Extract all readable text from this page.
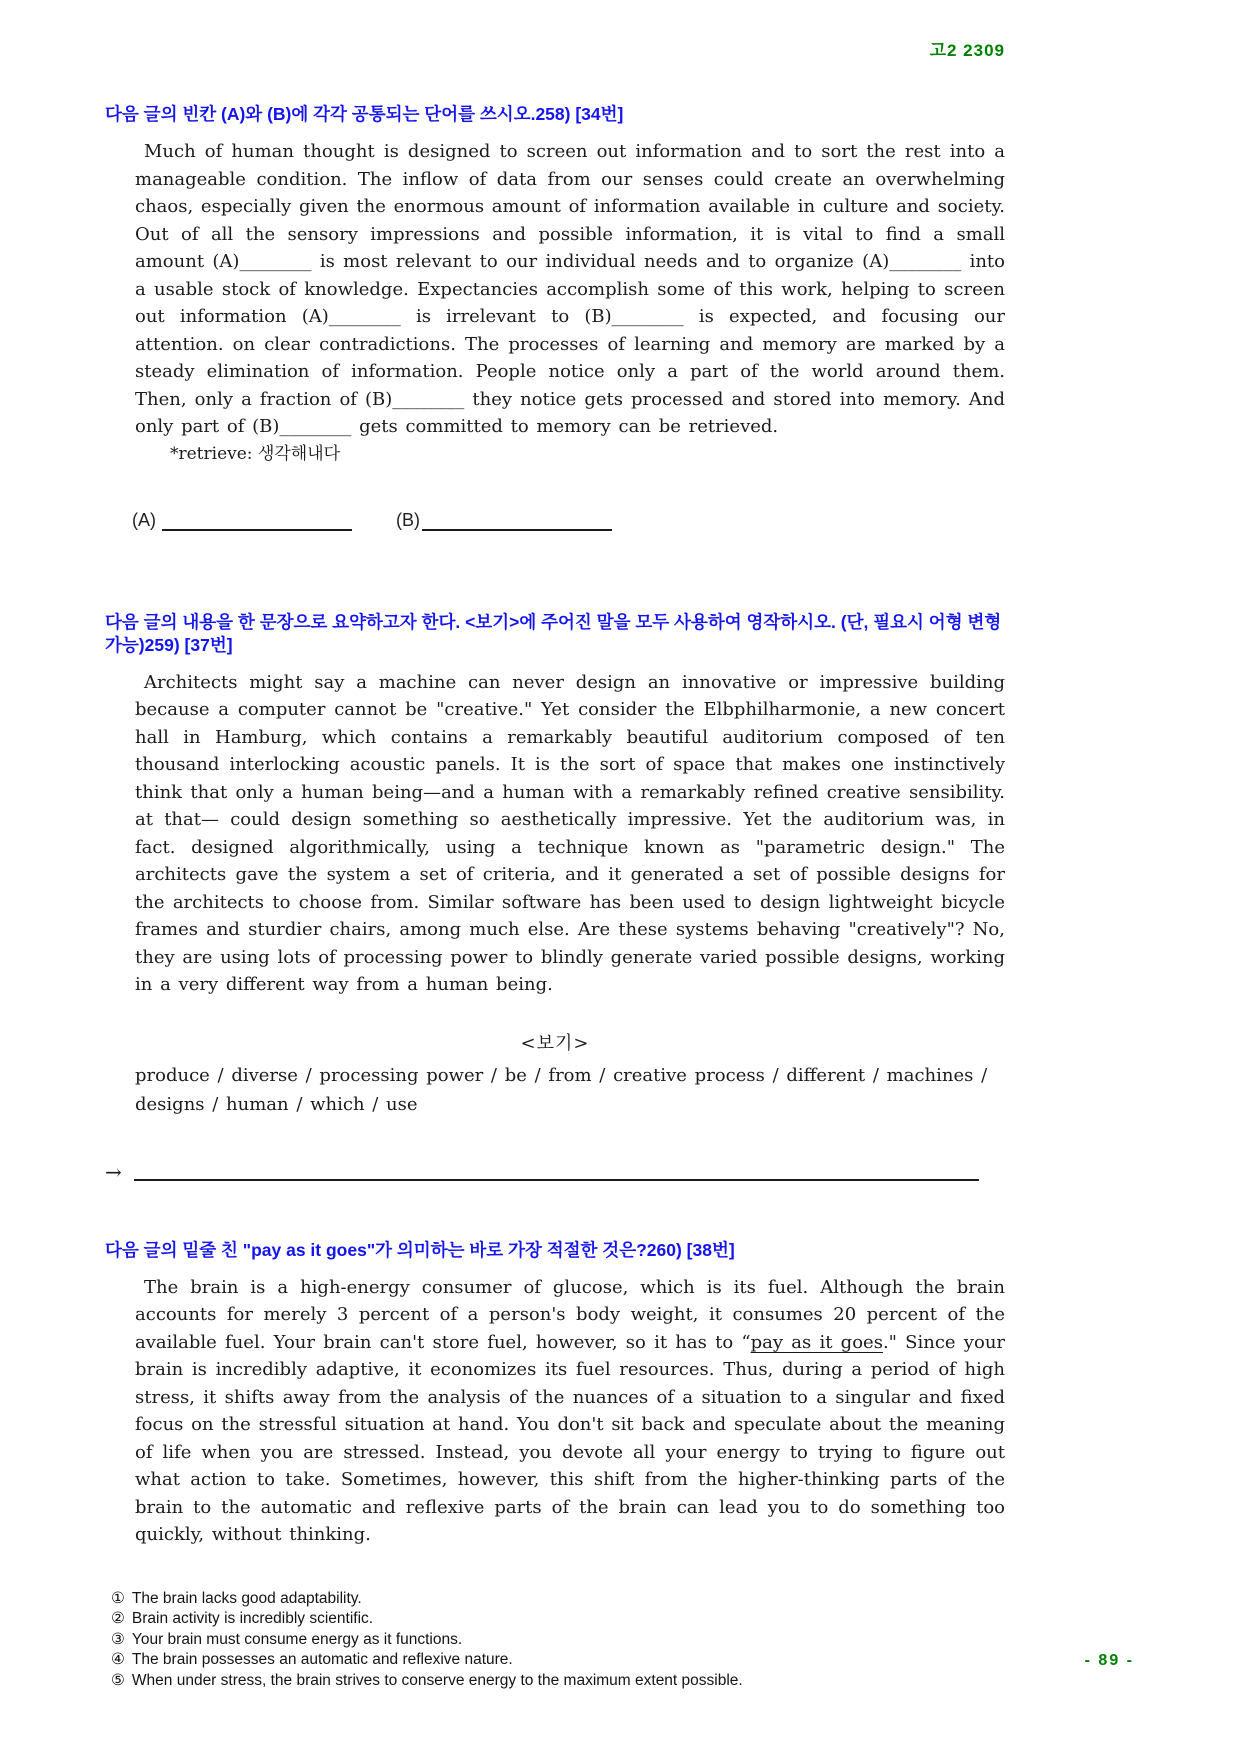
고2 2309
다음 글의 빈칸 (A)와 (B)에 각각 공통되는 단어를 쓰시오.258) [34번]

Much of human thought is designed to screen out information and to sort the rest into a manageable condition. The inflow of data from our senses could create an overwhelming chaos, especially given the enormous amount of information available in culture and society. Out of all the sensory impressions and possible information, it is vital to find a small amount (A)________ is most relevant to our individual needs and to organize (A)________ into a usable stock of knowledge. Expectancies accomplish some of this work, helping to screen out information (A)________ is irrelevant to (B)________ is expected, and focusing our attention. on clear contradictions. The processes of learning and memory are marked by a steady elimination of information. People notice only a part of the world around them. Then, only a fraction of (B)________ they notice gets processed and stored into memory. And only part of (B)________ gets committed to memory can be retrieved.

*retrieve: 생각해내다
(A)	(B)
다음 글의 내용을 한 문장으로 요약하고자 한다. <보기>에 주어진 말을 모두 사용하여 영작하시오. (단, 필요시 어형 변형 가능)259) [37번]

Architects might say a machine can never design an innovative or impressive building because a computer cannot be "creative." Yet consider the Elbphilharmonie, a new concert hall in Hamburg, which contains a remarkably beautiful auditorium composed of ten thousand interlocking acoustic panels. It is the sort of space that makes one instinctively think that only a human being—and a human with a remarkably refined creative sensibility. at that— could design something so aesthetically impressive. Yet the auditorium was, in fact. designed algorithmically, using a technique known as "parametric design." The architects gave the system a set of criteria, and it generated a set of possible designs for the architects to choose from. Similar software has been used to design lightweight bicycle frames and sturdier chairs, among much else. Are these systems behaving "creatively"? No, they are using lots of processing power to blindly generate varied possible designs, working in a very different way from a human being.

<보기>
produce / diverse / processing power / be / from / creative process / different / machines / designs / human / which / use
→
다음 글의 밑줄 친 "pay as it goes"가 의미하는 바로 가장 적절한 것은?260) [38번]

The brain is a high-energy consumer of glucose, which is its fuel. Although the brain accounts for merely 3 percent of a person's body weight, it consumes 20 percent of the available fuel. Your brain can't store fuel, however, so it has to “pay as it goes." Since your brain is incredibly adaptive, it economizes its fuel resources. Thus, during a period of high stress, it shifts away from the analysis of the nuances of a situation to a singular and fixed focus on the stressful situation at hand. You don't sit back and speculate about the meaning of life when you are stressed. Instead, you devote all your energy to trying to figure out what action to take. Sometimes, however, this shift from the higher-thinking parts of the brain to the automatic and reflexive parts of the brain can lead you to do something too quickly, without thinking.

① The brain lacks good adaptability.
② Brain activity is incredibly scientific.
③ Your brain must consume energy as it functions.
④ The brain possesses an automatic and reflexive nature.
⑤ When under stress, the brain strives to conserve energy to the maximum extent possible.
- 89 -
